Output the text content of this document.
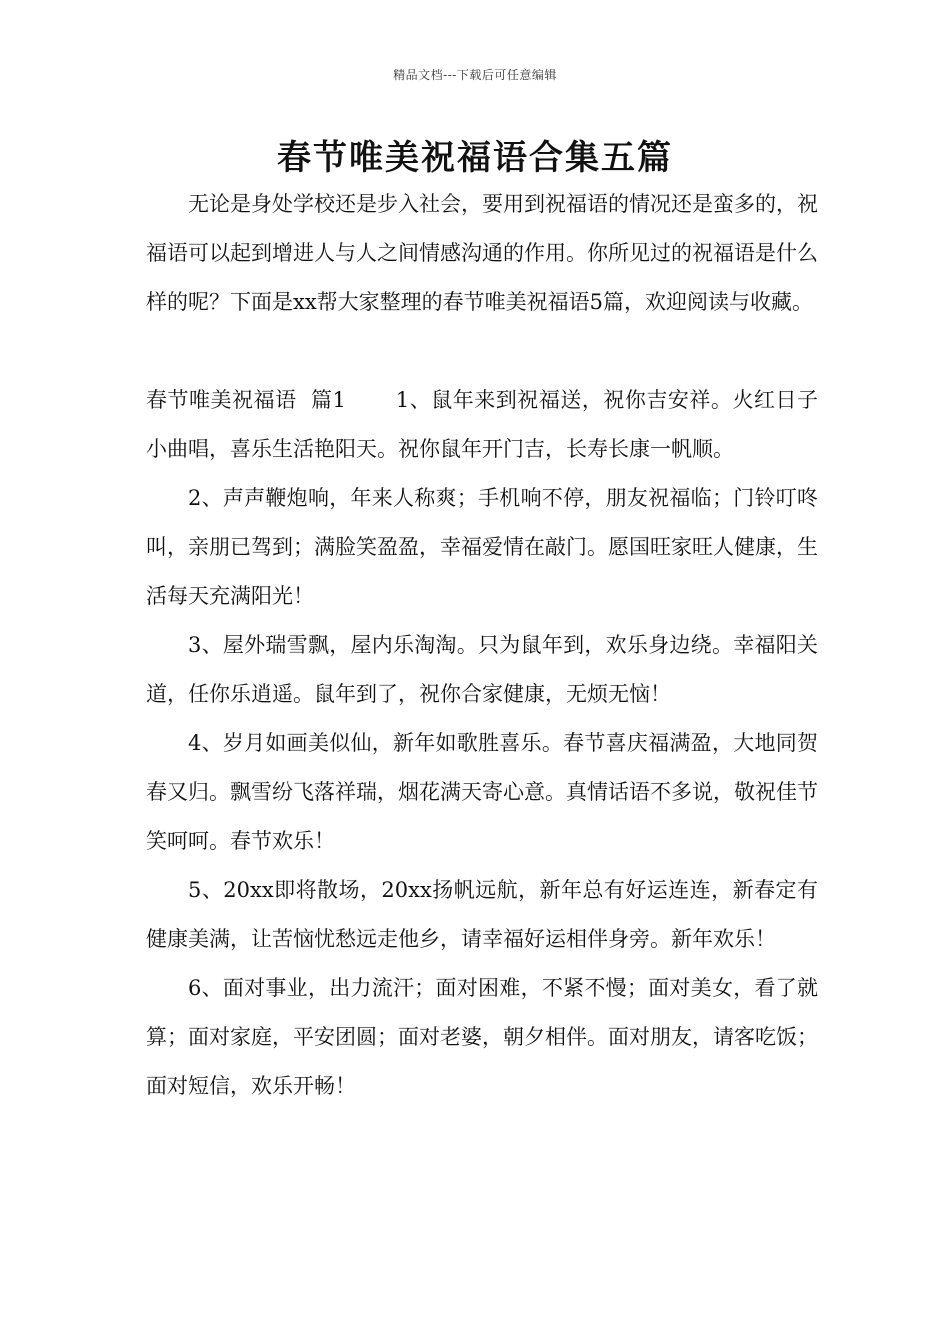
精品文档---下载后可任意编辑
春节唯美祝福语合集五篇

无论是身处学校还是步入社会，要用到祝福语的情况还是蛮多的，祝福语可以起到增进人与人之间情感沟通的作用。你所见过的祝福语是什么样的呢？下面是xx帮大家整理的春节唯美祝福语5篇，欢迎阅读与收藏。

春节唯美祝福语  篇1 1、鼠年来到祝福送，祝你吉安祥。火红日子小曲唱，喜乐生活艳阳天。祝你鼠年开门吉，长寿长康一帆顺。

2、声声鞭炮响，年来人称爽；手机响不停，朋友祝福临；门铃叮咚叫，亲朋已驾到；满脸笑盈盈，幸福爱情在敲门。愿国旺家旺人健康，生活每天充满阳光！

3、屋外瑞雪飘，屋内乐淘淘。只为鼠年到，欢乐身边绕。幸福阳关道，任你乐逍遥。鼠年到了，祝你合家健康，无烦无恼！

4、岁月如画美似仙，新年如歌胜喜乐。春节喜庆福满盈，大地同贺春又归。飘雪纷飞落祥瑞，烟花满天寄心意。真情话语不多说，敬祝佳节笑呵呵。春节欢乐！

5、20xx即将散场，20xx扬帆远航，新年总有好运连连，新春定有健康美满，让苦恼忧愁远走他乡，请幸福好运相伴身旁。新年欢乐！

6、面对事业，出力流汗；面对困难，不紧不慢；面对美女，看了就算；面对家庭，平安团圆；面对老婆，朝夕相伴。面对朋友，请客吃饭；面对短信，欢乐开畅！
